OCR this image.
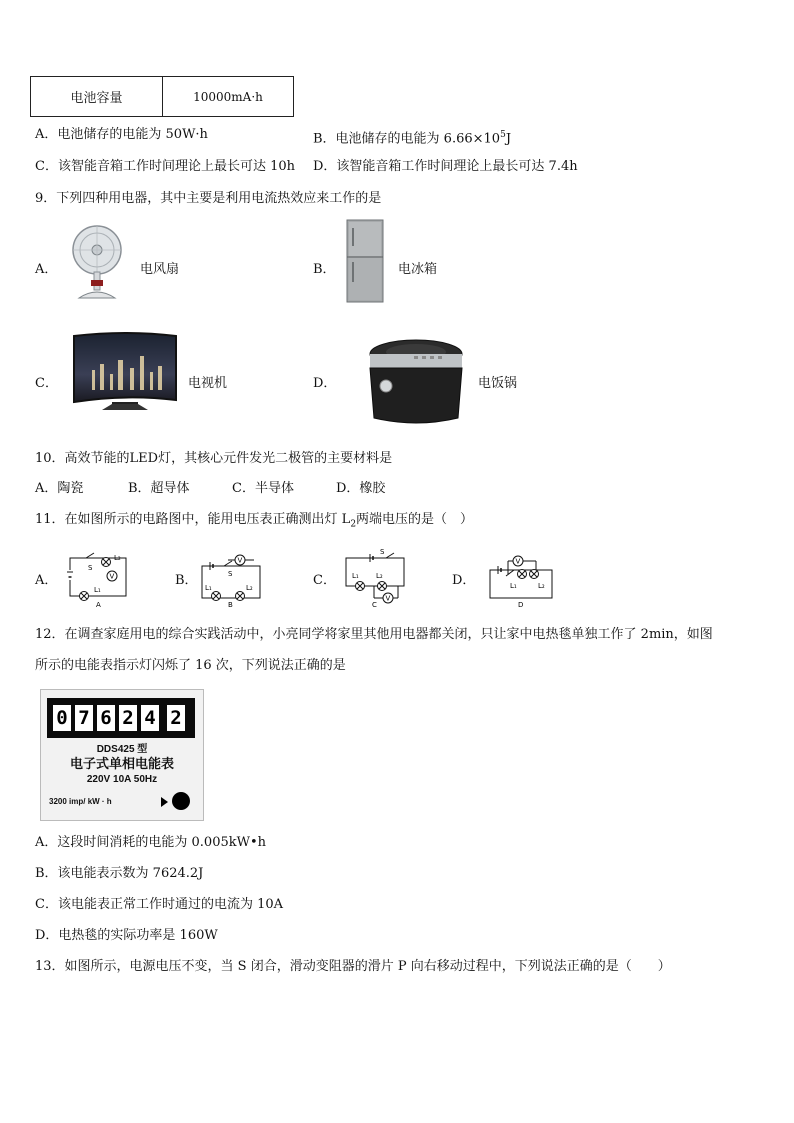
电池容量	10000mA·h
A．电池储存的电能为 50W·h	B．电池储存的电能为 $6.66\times 10^5J$
C．该智能音箱工作时间理论上最长可达 10h D．该智能音箱工作时间理论上最长可达 7.4h
9．下列四种用电器，其中主要是利用电流热效应来工作的是
A．	电风扇	B．	电冰箱
C．	电视机	D．	电饭锅
10．高效节能的LED灯，其核心元件发光二极管的主要材料是
A．陶瓷	B．超导体	C．半导体	D．橡胶
11．在如图所示的电路图中，能用电压表正确测出灯 $L_2$两端电压的是（　）
A．
S
L₂
V
L₁
A
B．
V
S
L₁	L₂
B
C．
S
L₁ L₂
V
C
D．
V
L₁	L₂
D
12．在调查家庭用电的综合实践活动中，小亮同学将家里其他用电器都关闭，只让家中电热毯单独工作了 2min，如图
所示的电能表指示灯闪烁了 16 次，下列说法正确的是
0 7 6 2 4 2
DDS425 型
电子式单相电能表
220V 10A 50Hz
3200 imp/ kW · h
A．这段时间消耗的电能为 0.005kW•h
B．该电能表示数为 7624.2J
C．该电能表正常工作时通过的电流为 10A
D．电热毯的实际功率是 160W
13．如图所示，电源电压不变，当 S 闭合，滑动变阻器的滑片 P 向右移动过程中，下列说法正确的是（　　）
